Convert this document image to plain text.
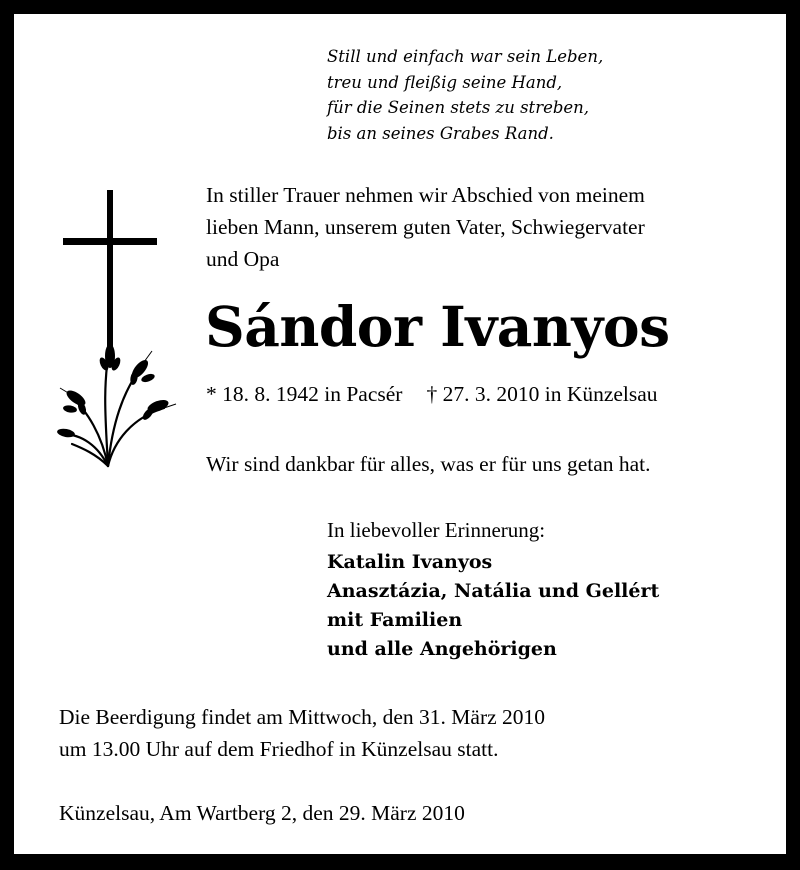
Still und einfach war sein Leben,
treu und fleißig seine Hand,
für die Seinen stets zu streben,
bis an seines Grabes Rand.
In stiller Trauer nehmen wir Abschied von meinem
lieben Mann, unserem guten Vater, Schwiegervater
und Opa
Sándor Ivanyos
* 18. 8. 1942 in Pacsér † 27. 3. 2010 in Künzelsau
Wir sind dankbar für alles, was er für uns getan hat.
In liebevoller Erinnerung:
Katalin Ivanyos
Anasztázia, Natália und Gellért
mit Familien
und alle Angehörigen
Die Beerdigung findet am Mittwoch, den 31. März 2010
um 13.00 Uhr auf dem Friedhof in Künzelsau statt.
Künzelsau, Am Wartberg 2, den 29. März 2010
